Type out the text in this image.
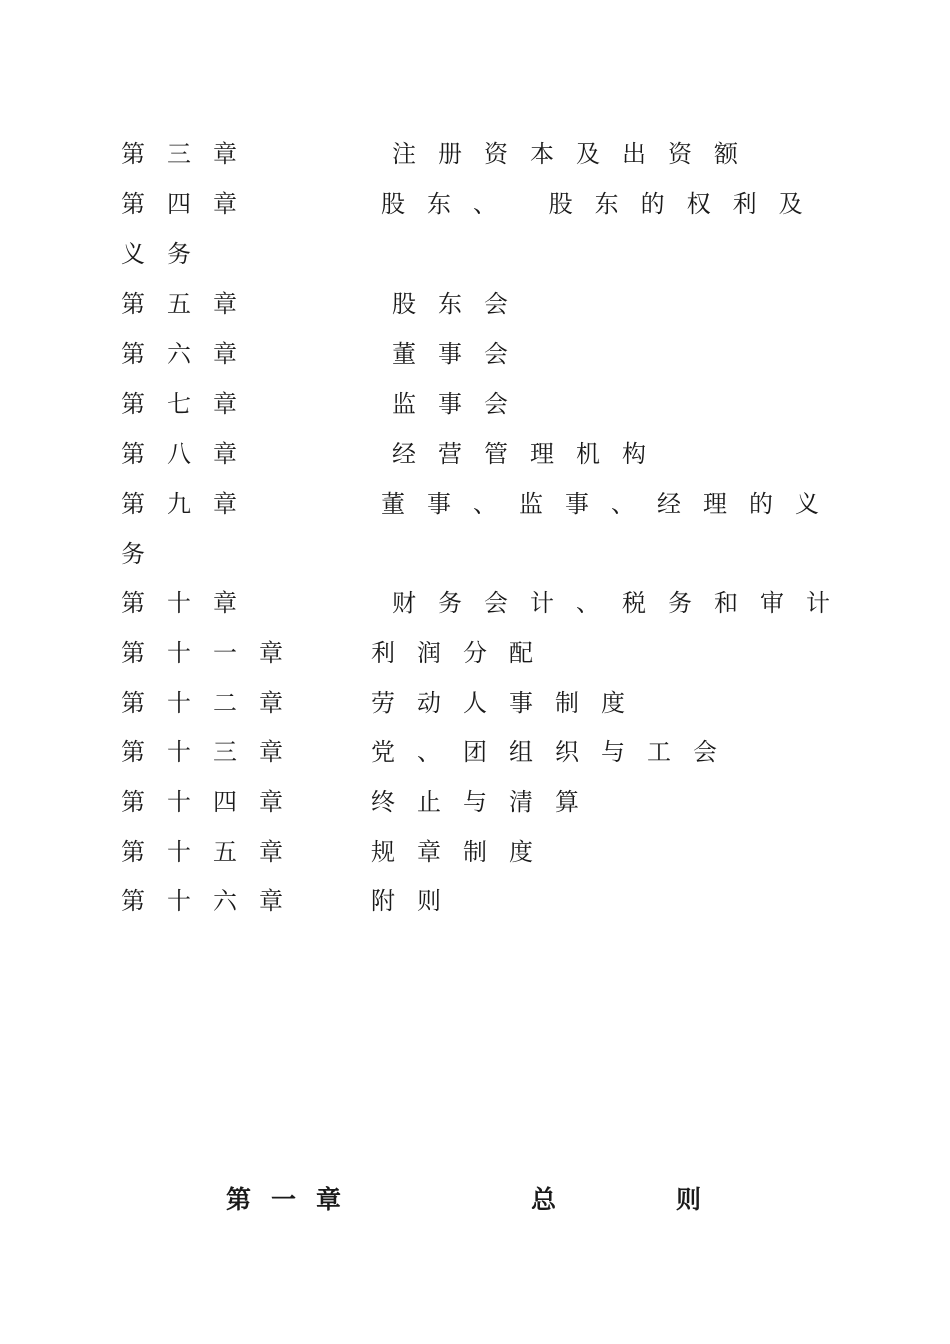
第三章	注册资本及出资额
第四章	股东、 股东的权利及
义务
第五章	股东会
第六章	董事会
第七章	监事会
第八章	经营管理机构
第九章	董事、监事、经理的义
务
第十章	财务会计、税务和审计
第十一章	利润分配
第十二章	劳动人事制度
第十三章	党、团组织与工会
第十四章	终止与清算
第十五章	规章制度
第十六章	附则
第一章	总	则
